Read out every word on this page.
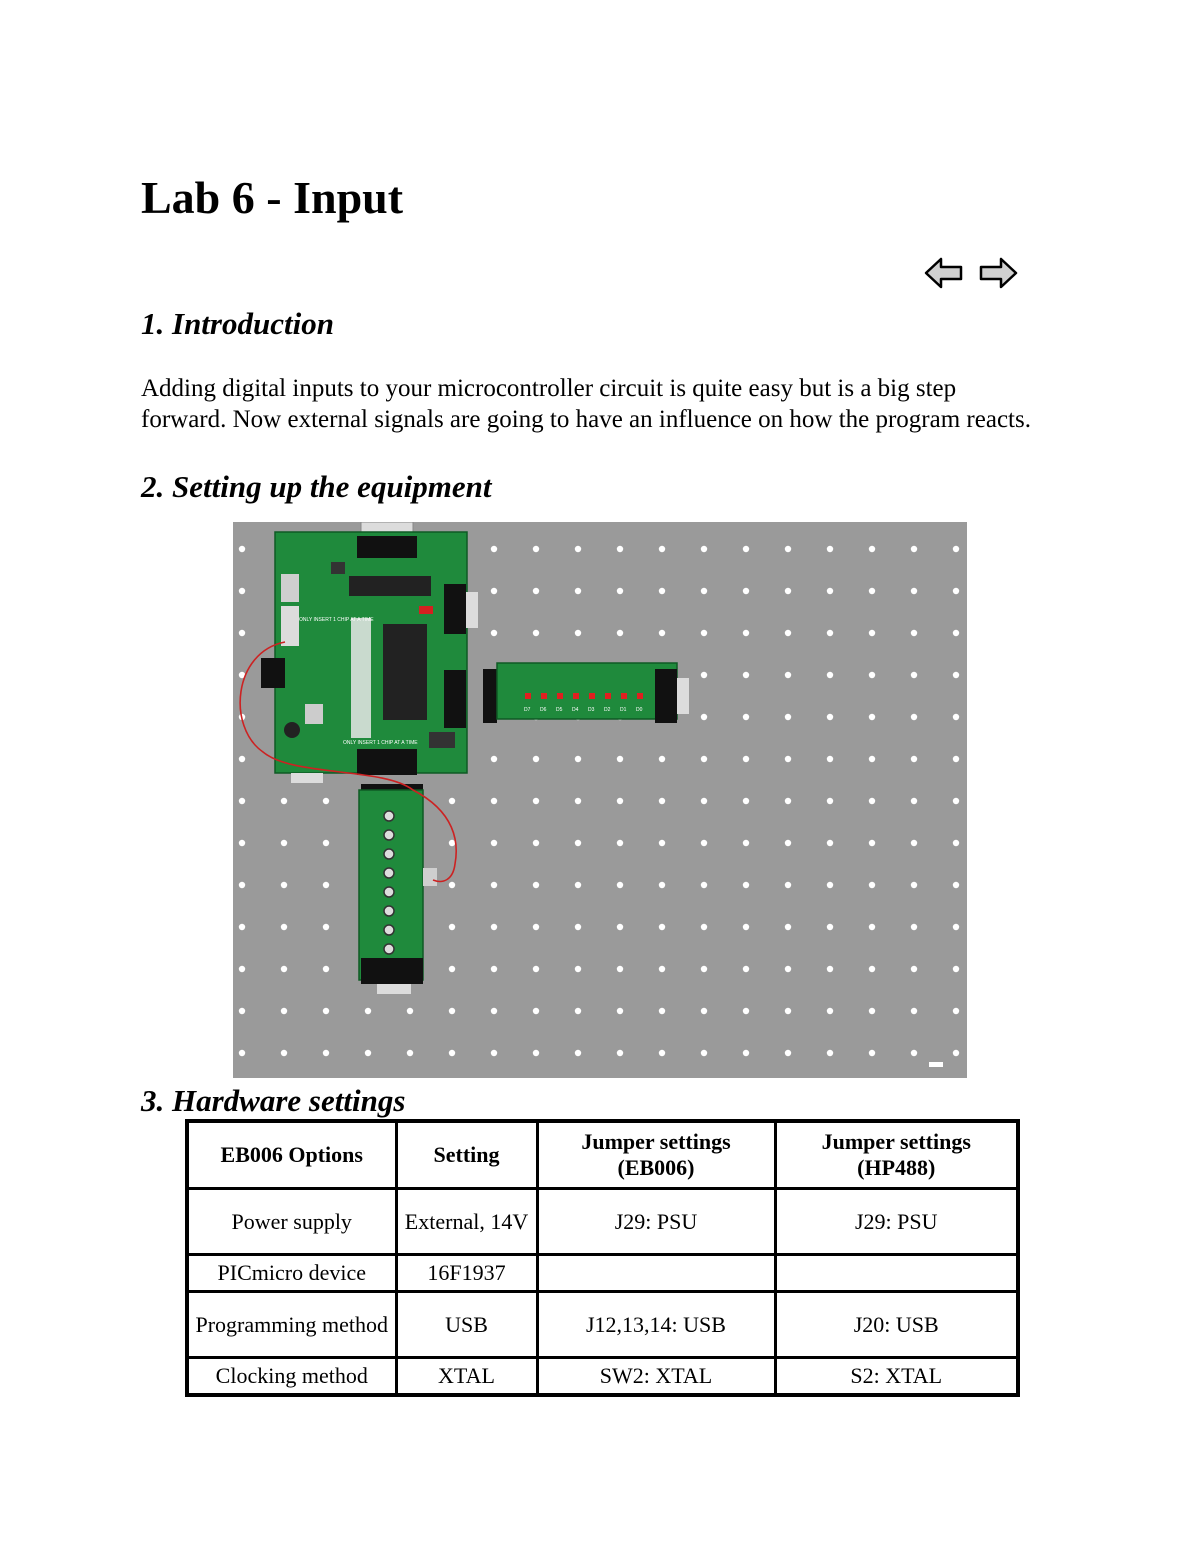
Lab 6 - Input
1. Introduction

Adding digital inputs to your microcontroller circuit is quite easy but is a big step forward. Now external signals are going to have an influence on how the program reacts.

2. Setting up the equipment
ONLY INSERT 1 CHIP AT A TIME
ONLY INSERT 1 CHIP AT A TIME
D7 D6 D5 D4 D3 D2 D1 D0
3. Hardware settings
EB006 Options	Setting	Jumper settings (EB006)	Jumper settings (HP488)
Power supply	External, 14V	J29: PSU	J29: PSU
PICmicro device	16F1937		
Programming method	USB	J12,13,14: USB	J20: USB
Clocking method	XTAL	SW2: XTAL	S2: XTAL
